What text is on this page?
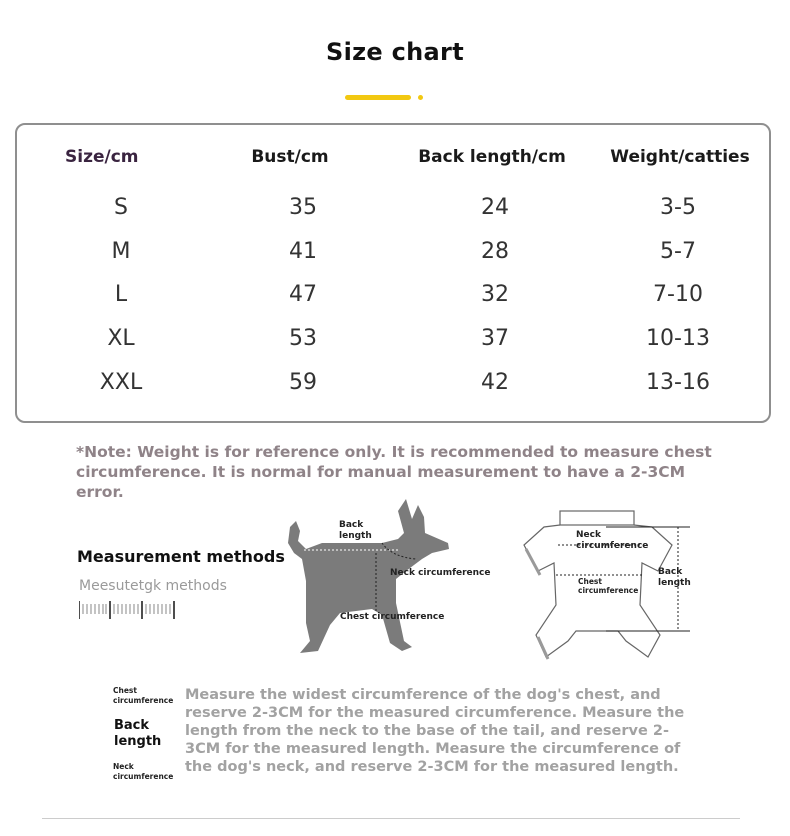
Size chart
Size/cm	Bust/cm	Back length/cm	Weight/catties
S	35	24	3-5
M	41	28	5-7
L	47	32	7-10
XL	53	37	10-13
XXL	59	42	13-16
*Note: Weight is for reference only. It is recommended to measure chest circumference. It is normal for manual measurement to have a 2-3CM error.
Measurement methods
Meesutetgk methods
Back length
Neck circumference
Chest circumference
Neck circumference
Chest circumference
Back length
Chest circumference
Back length
Neck circumference
Measure the widest circumference of the dog's chest, and reserve 2-3CM for the measured circumference. Measure the length from the neck to the base of the tail, and reserve 2-3CM for the measured length. Measure the circumference of the dog's neck, and reserve 2-3CM for the measured length.
